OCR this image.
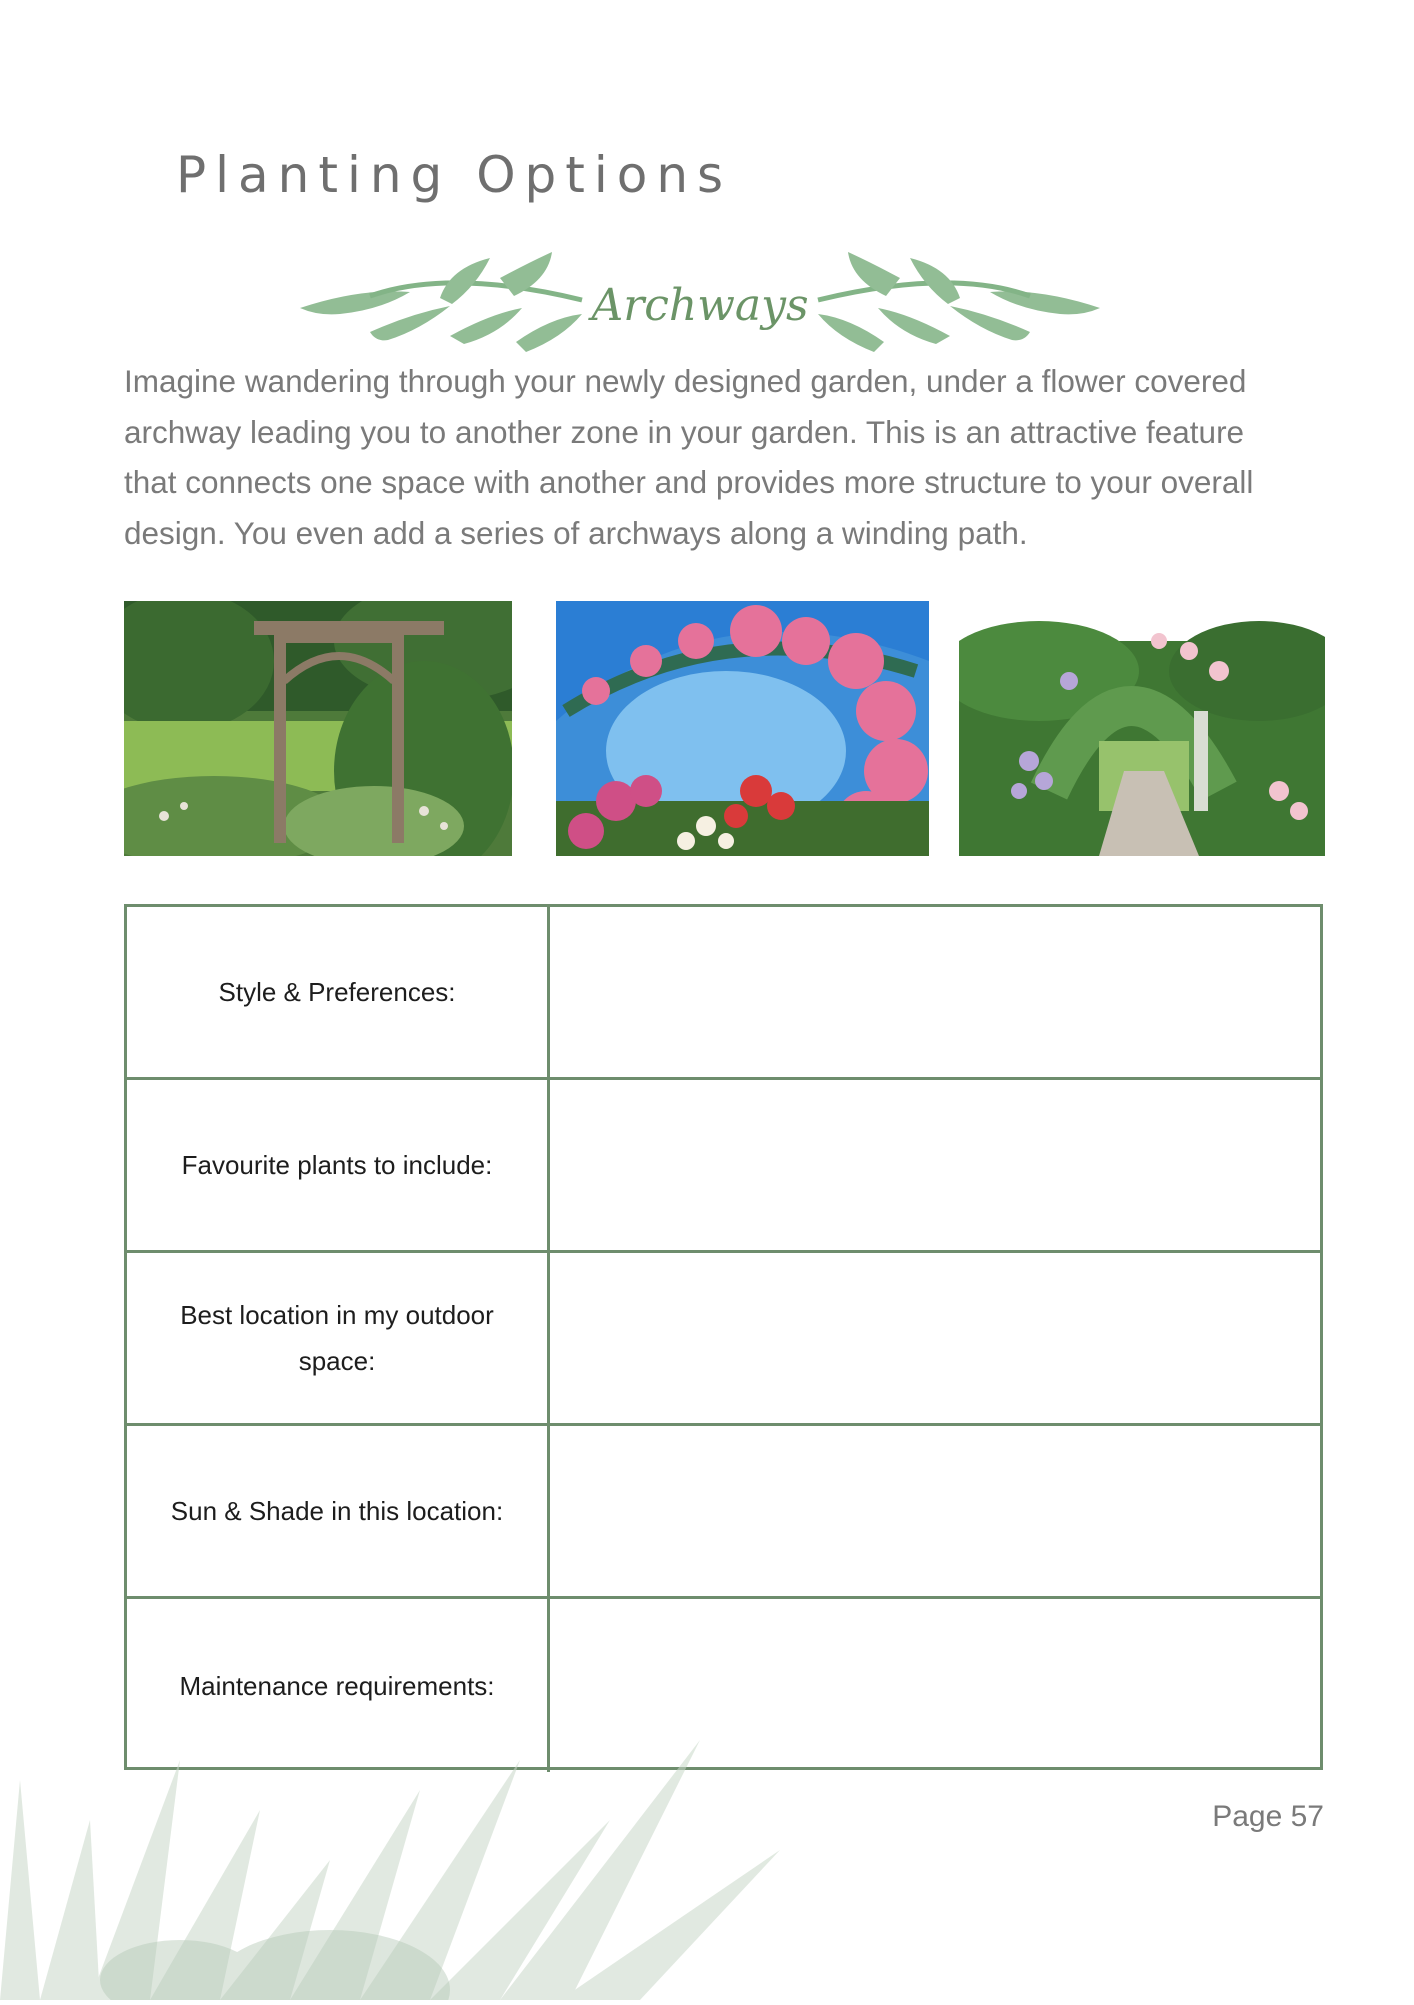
Planting Options
Archways

Imagine wandering through your newly designed garden, under a flower covered archway leading you to another zone in your garden. This is an attractive feature that connects one space with another and provides more structure to your overall design. You even add a series of archways along a winding path.

Style & Preferences:
Favourite plants to include:
Best location in my outdoor space:
Sun & Shade in this location:
Maintenance requirements:
Page 57
